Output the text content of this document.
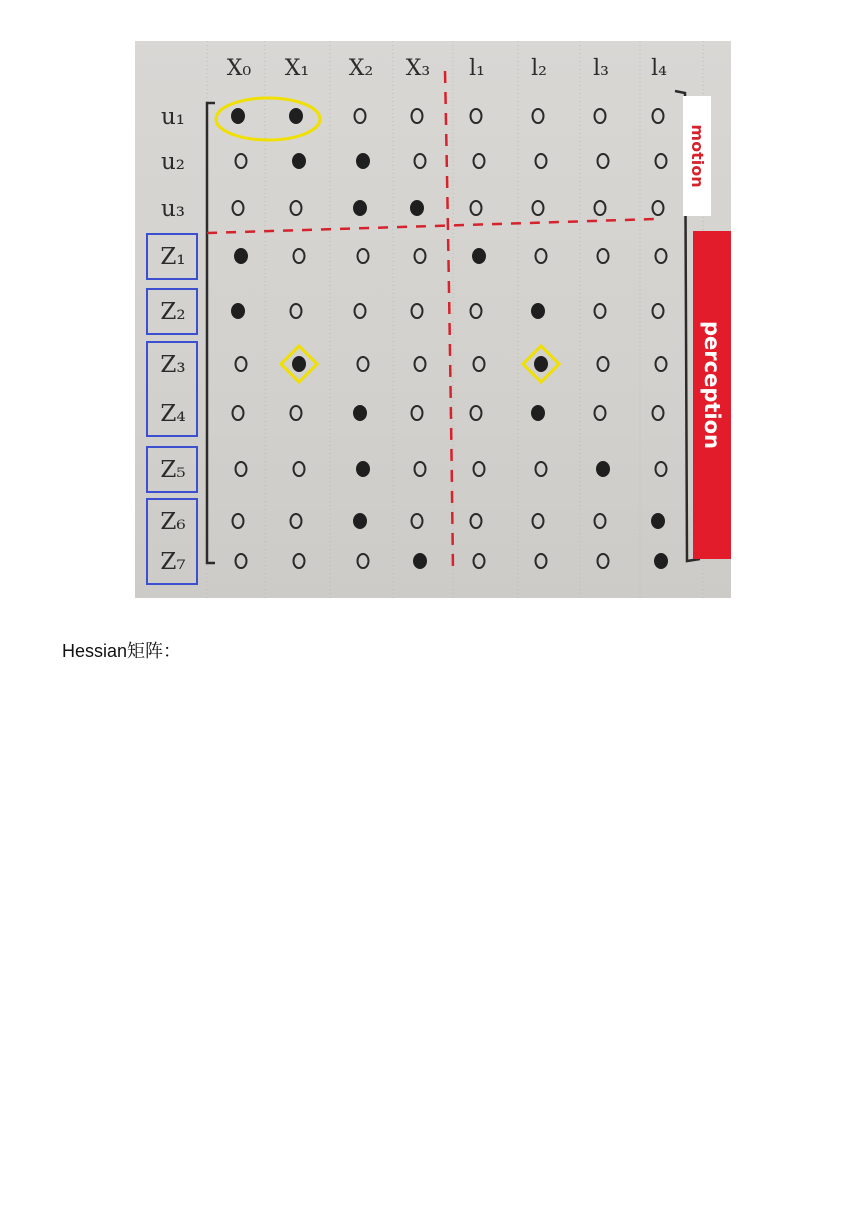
X₀ X₁ X₂ X₃ l₁ l₂ l₃ l₄
u₁
u₂
u₃
Z₁
Z₂
Z₃
Z₄
Z₅
Z₆
Z₇
motion
perception
Hessian矩阵：
